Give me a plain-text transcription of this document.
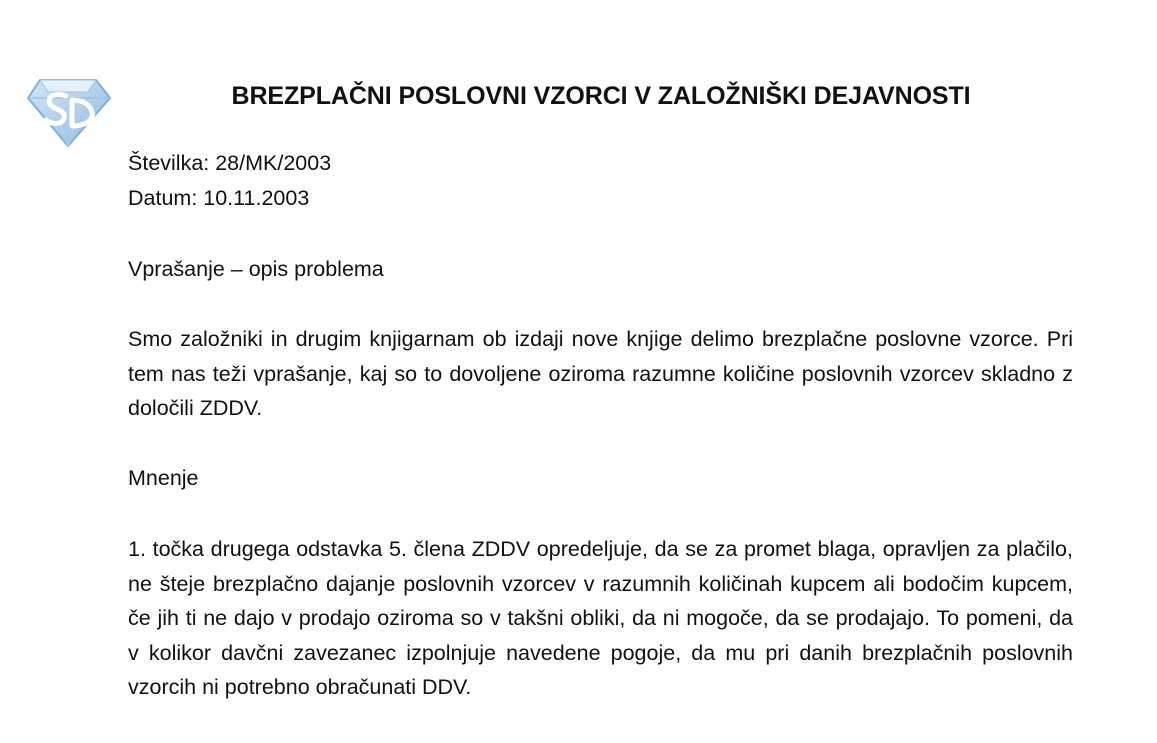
BREZPLAČNI POSLOVNI VZORCI V ZALOŽNIŠKI DEJAVNOSTI
Številka: 28/MK/2003
Datum: 10.11.2003
Vprašanje – opis problema
Smo založniki in drugim knjigarnam ob izdaji nove knjige delimo brezplačne poslovne vzorce. Pri tem nas teži vprašanje, kaj so to dovoljene oziroma razumne količine poslovnih vzorcev skladno z določili ZDDV.
Mnenje
1. točka drugega odstavka 5. člena ZDDV opredeljuje, da se za promet blaga, opravljen za plačilo, ne šteje brezplačno dajanje poslovnih vzorcev v razumnih količinah kupcem ali bodočim kupcem, če jih ti ne dajo v prodajo oziroma so v takšni obliki, da ni mogoče, da se prodajajo. To pomeni, da v kolikor davčni zavezanec izpolnjuje navedene pogoje, da mu pri danih brezplačnih poslovnih vzorcih ni potrebno obračunati DDV.
